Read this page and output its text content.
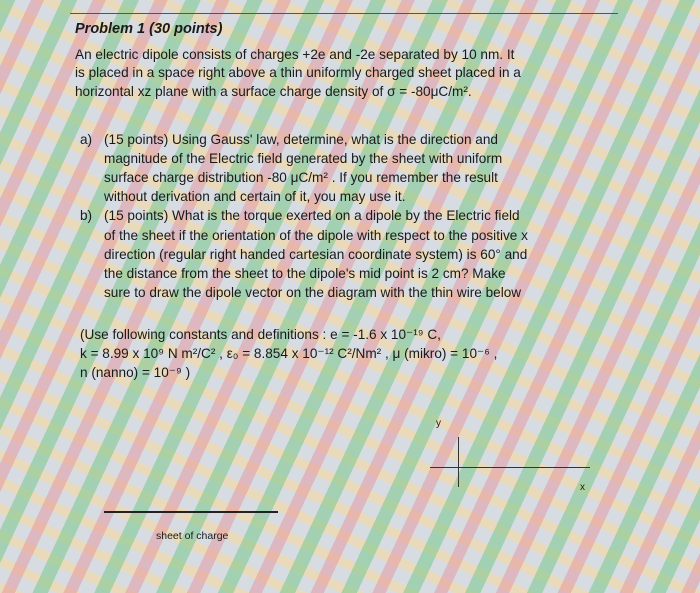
Problem 1 (30 points)
An electric dipole consists of charges +2e and -2e separated by 10 nm. It
is placed in a space right above a thin uniformly charged sheet placed in a
horizontal xz plane with a surface charge density of σ = -80μC/m².
a) (15 points) Using Gauss' law, determine, what is the direction and
magnitude of the Electric field generated by the sheet with uniform
surface charge distribution -80 μC/m² . If you remember the result
without derivation and certain of it, you may use it.
b) (15 points) What is the torque exerted on a dipole by the Electric field
of the sheet if the orientation of the dipole with respect to the positive x
direction (regular right handed cartesian coordinate system) is 60° and
the distance from the sheet to the dipole's mid point is 2 cm? Make
sure to draw the dipole vector on the diagram with the thin wire below
(Use following constants and definitions : e = -1.6 x 10⁻¹⁹ C,
k = 8.99 x 10⁹ N m²/C² , ε₀ = 8.854 x 10⁻¹² C²/Nm² , μ (mikro) = 10⁻⁶ ,
n (nanno) = 10⁻⁹ )
y
x
sheet of charge
